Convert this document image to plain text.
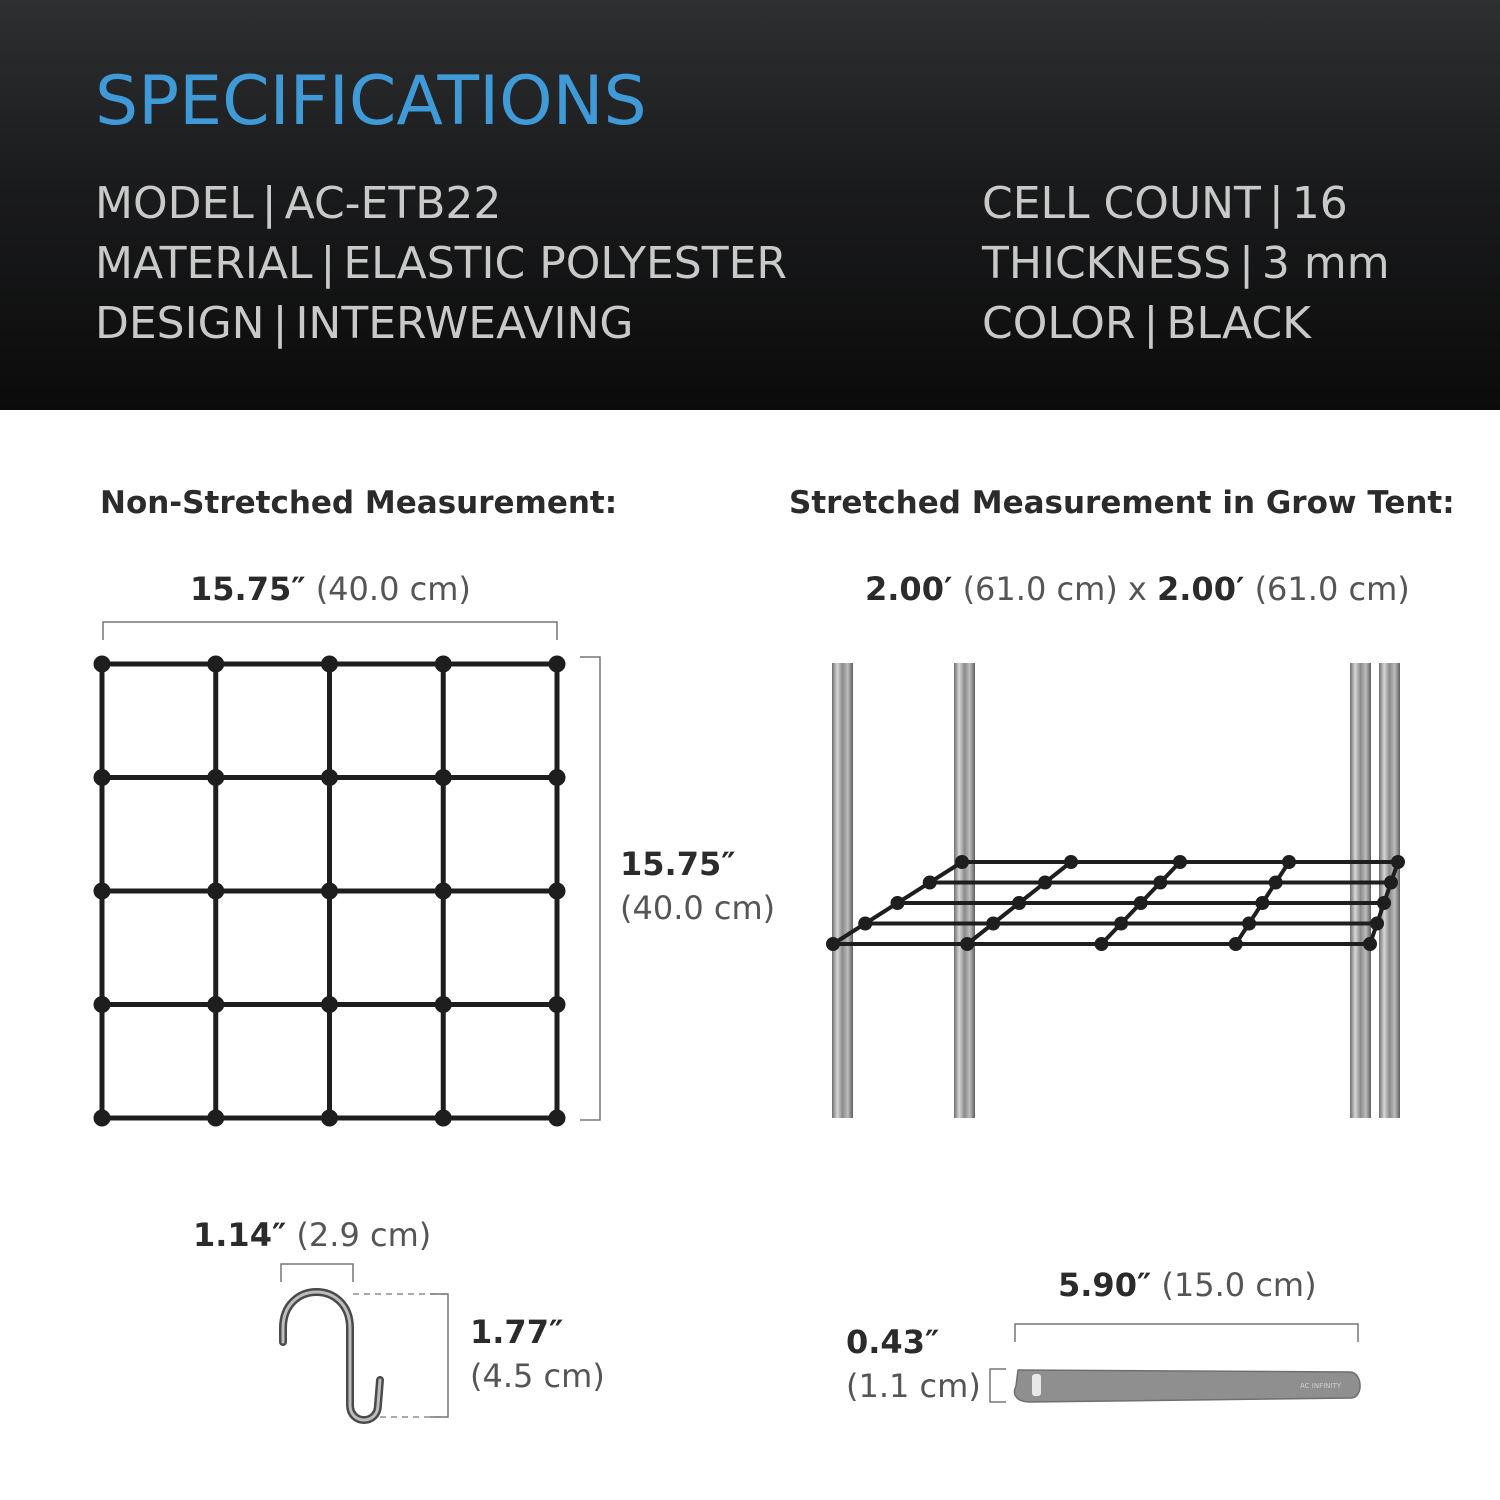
SPECIFICATIONS
MODEL | AC-ETB22
MATERIAL | ELASTIC POLYESTER
DESIGN | INTERWEAVING
CELL COUNT | 16
THICKNESS | 3 mm
COLOR | BLACK
AC INFINITY
Non-Stretched Measurement:	Stretched Measurement in Grow Tent:
15.75″ (40.0 cm)
15.75″
(40.0 cm)
2.00′ (61.0 cm) x 2.00′ (61.0 cm)
1.14″ (2.9 cm)
1.77″
(4.5 cm)
5.90″ (15.0 cm)
0.43″
(1.1 cm)
